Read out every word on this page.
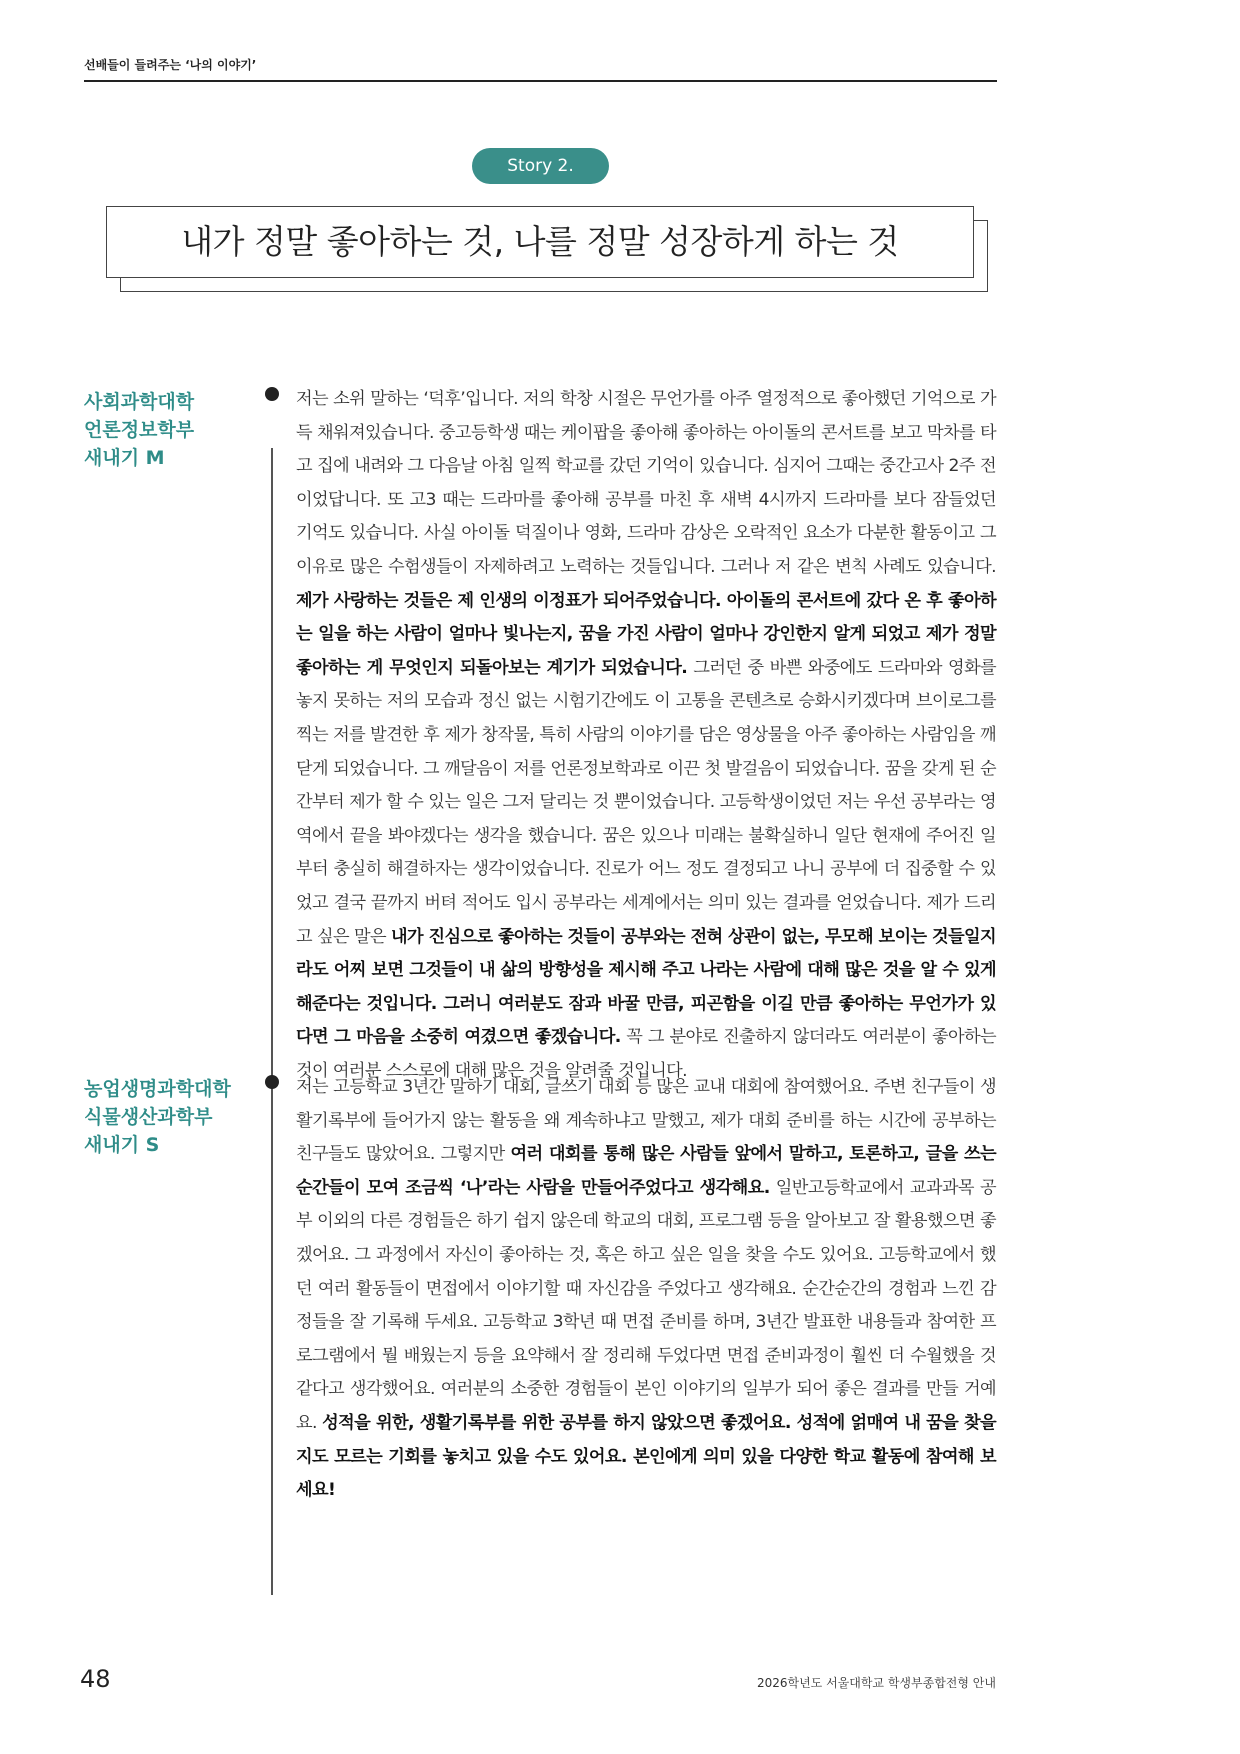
선배들이 들려주는 ‘나의 이야기’
Story 2.
내가 정말 좋아하는 것, 나를 정말 성장하게 하는 것
사회과학대학
언론정보학부
새내기 M
저는 소위 말하는 ‘덕후’입니다. 저의 학창 시절은 무언가를 아주 열정적으로 좋아했던 기억으로 가득 채워져있습니다. 중고등학생 때는 케이팝을 좋아해 좋아하는 아이돌의 콘서트를 보고 막차를 타고 집에 내려와 그 다음날 아침 일찍 학교를 갔던 기억이 있습니다. 심지어 그때는 중간고사 2주 전이었답니다. 또 고3 때는 드라마를 좋아해 공부를 마친 후 새벽 4시까지 드라마를 보다 잠들었던 기억도 있습니다. 사실 아이돌 덕질이나 영화, 드라마 감상은 오락적인 요소가 다분한 활동이고 그 이유로 많은 수험생들이 자제하려고 노력하는 것들입니다. 그러나 저 같은 변칙 사례도 있습니다. 제가 사랑하는 것들은 제 인생의 이정표가 되어주었습니다. 아이돌의 콘서트에 갔다 온 후 좋아하는 일을 하는 사람이 얼마나 빛나는지, 꿈을 가진 사람이 얼마나 강인한지 알게 되었고 제가 정말 좋아하는 게 무엇인지 되돌아보는 계기가 되었습니다. 그러던 중 바쁜 와중에도 드라마와 영화를 놓지 못하는 저의 모습과 정신 없는 시험기간에도 이 고통을 콘텐츠로 승화시키겠다며 브이로그를 찍는 저를 발견한 후 제가 창작물, 특히 사람의 이야기를 담은 영상물을 아주 좋아하는 사람임을 깨닫게 되었습니다. 그 깨달음이 저를 언론정보학과로 이끈 첫 발걸음이 되었습니다. 꿈을 갖게 된 순간부터 제가 할 수 있는 일은 그저 달리는 것 뿐이었습니다. 고등학생이었던 저는 우선 공부라는 영역에서 끝을 봐야겠다는 생각을 했습니다. 꿈은 있으나 미래는 불확실하니 일단 현재에 주어진 일부터 충실히 해결하자는 생각이었습니다. 진로가 어느 정도 결정되고 나니 공부에 더 집중할 수 있었고 결국 끝까지 버텨 적어도 입시 공부라는 세계에서는 의미 있는 결과를 얻었습니다. 제가 드리고 싶은 말은 내가 진심으로 좋아하는 것들이 공부와는 전혀 상관이 없는, 무모해 보이는 것들일지라도 어찌 보면 그것들이 내 삶의 방향성을 제시해 주고 나라는 사람에 대해 많은 것을 알 수 있게 해준다는 것입니다. 그러니 여러분도 잠과 바꿀 만큼, 피곤함을 이길 만큼 좋아하는 무언가가 있다면 그 마음을 소중히 여겼으면 좋겠습니다. 꼭 그 분야로 진출하지 않더라도 여러분이 좋아하는 것이 여러분 스스로에 대해 많은 것을 알려줄 것입니다.
농업생명과학대학
식물생산과학부
새내기 S
저는 고등학교 3년간 말하기 대회, 글쓰기 대회 등 많은 교내 대회에 참여했어요. 주변 친구들이 생활기록부에 들어가지 않는 활동을 왜 계속하냐고 말했고, 제가 대회 준비를 하는 시간에 공부하는 친구들도 많았어요. 그렇지만 여러 대회를 통해 많은 사람들 앞에서 말하고, 토론하고, 글을 쓰는 순간들이 모여 조금씩 ‘나’라는 사람을 만들어주었다고 생각해요. 일반고등학교에서 교과과목 공부 이외의 다른 경험들은 하기 쉽지 않은데 학교의 대회, 프로그램 등을 알아보고 잘 활용했으면 좋겠어요. 그 과정에서 자신이 좋아하는 것, 혹은 하고 싶은 일을 찾을 수도 있어요. 고등학교에서 했던 여러 활동들이 면접에서 이야기할 때 자신감을 주었다고 생각해요. 순간순간의 경험과 느낀 감정들을 잘 기록해 두세요. 고등학교 3학년 때 면접 준비를 하며, 3년간 발표한 내용들과 참여한 프로그램에서 뭘 배웠는지 등을 요약해서 잘 정리해 두었다면 면접 준비과정이 훨씬 더 수월했을 것 같다고 생각했어요. 여러분의 소중한 경험들이 본인 이야기의 일부가 되어 좋은 결과를 만들 거예요. 성적을 위한, 생활기록부를 위한 공부를 하지 않았으면 좋겠어요. 성적에 얽매여 내 꿈을 찾을지도 모르는 기회를 놓치고 있을 수도 있어요. 본인에게 의미 있을 다양한 학교 활동에 참여해 보세요!
48	2026학년도 서울대학교 학생부종합전형 안내
